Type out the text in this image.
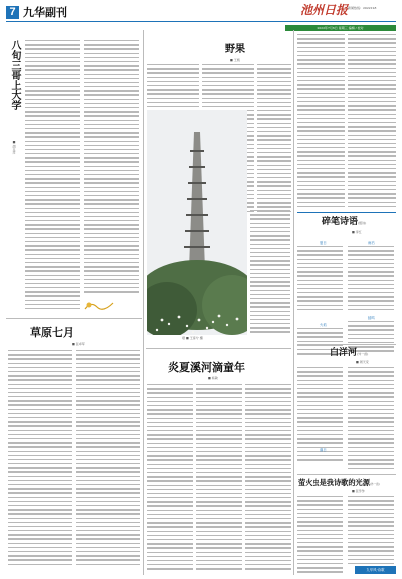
7 九华副刊	池州日报 新闻热线：2022128
2022年7月6日 星期三 编辑 / 校对
八旬三哥上大学
■ 胡玉萍
草原七月
■ 张卓军
野果
■ 王炳
塔 ■ 王彦兮 摄
炎夏溪河滴童年
■ 杨敏
碎笔诗语(组诗)
■ 李红
夏日	雨后
蛙鸣
火焰
白洋河(外一首)
■ 周天宋
落日
萤火虫是我诗歌的光源(外一首)
■ 张学争
九华风-诗歌
